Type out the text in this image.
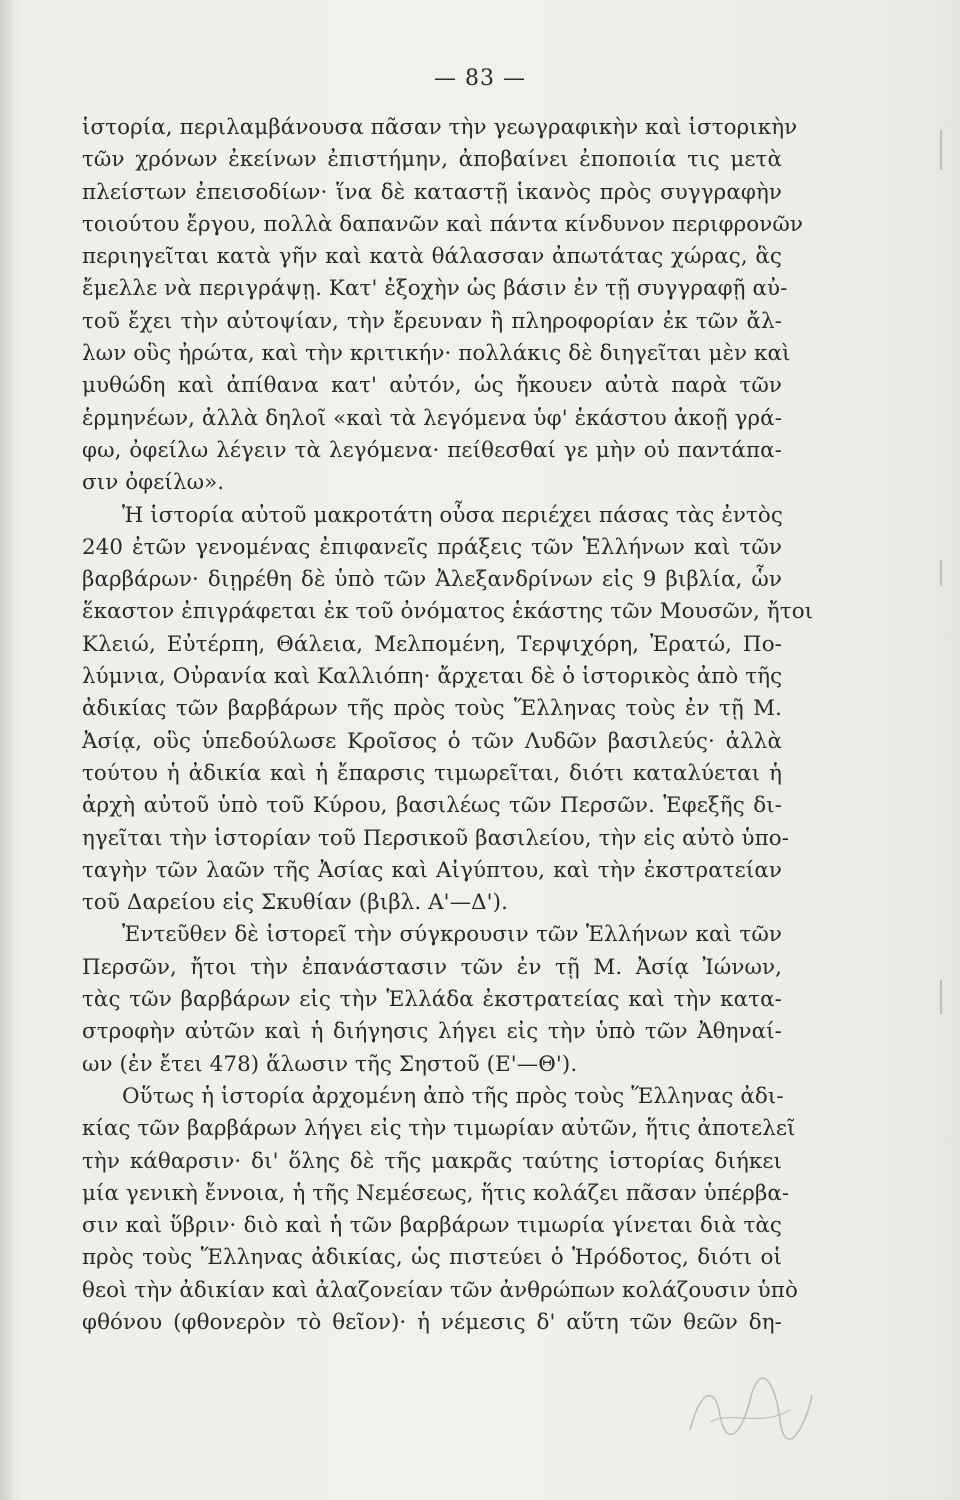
— 83 —
ἱστορία, περιλαμβάνουσα πᾶσαν τὴν γεωγραφικὴν καὶ ἱστορικὴν
τῶν χρόνων ἐκείνων ἐπιστήμην, ἀποβαίνει ἐποποιία τις μετὰ
πλείστων ἐπεισοδίων· ἵνα δὲ καταστῇ ἱκανὸς πρὸς συγγραφὴν
τοιούτου ἔργου, πολλὰ δαπανῶν καὶ πάντα κίνδυνον περιφρονῶν
περιηγεῖται κατὰ γῆν καὶ κατὰ θάλασσαν ἀπωτάτας χώρας, ἃς
ἔμελλε νὰ περιγράψῃ. Κατ' ἐξοχὴν ὡς βάσιν ἐν τῇ συγγραφῇ αὐ-
τοῦ ἔχει τὴν αὐτοψίαν, τὴν ἔρευναν ἢ πληροφορίαν ἐκ τῶν ἄλ-
λων οὓς ἠρώτα, καὶ τὴν κριτικήν· πολλάκις δὲ διηγεῖται μὲν καὶ
μυθώδη καὶ ἀπίθανα κατ' αὐτόν, ὡς ἤκουεν αὐτὰ παρὰ τῶν
ἑρμηνέων, ἀλλὰ δηλοῖ «καὶ τὰ λεγόμενα ὑφ' ἑκάστου ἀκοῇ γρά-
φω, ὀφείλω λέγειν τὰ λεγόμενα· πείθεσθαί γε μὴν οὐ παντάπα-
σιν ὀφείλω».
Ἡ ἱστορία αὐτοῦ μακροτάτη οὖσα περιέχει πάσας τὰς ἐντὸς
240 ἐτῶν γενομένας ἐπιφανεῖς πράξεις τῶν Ἑλλήνων καὶ τῶν
βαρβάρων· διῃρέθη δὲ ὑπὸ τῶν Ἀλεξανδρίνων εἰς 9 βιβλία, ὧν
ἕκαστον ἐπιγράφεται ἐκ τοῦ ὀνόματος ἑκάστης τῶν Μουσῶν, ἤτοι
Κλειώ, Εὐτέρπη, Θάλεια, Μελπομένη, Τερψιχόρη, Ἐρατώ, Πο-
λύμνια, Οὐρανία καὶ Καλλιόπη· ἄρχεται δὲ ὁ ἱστορικὸς ἀπὸ τῆς
ἀδικίας τῶν βαρβάρων τῆς πρὸς τοὺς Ἕλληνας τοὺς ἐν τῇ Μ.
Ἀσίᾳ, οὓς ὑπεδούλωσε Κροῖσος ὁ τῶν Λυδῶν βασιλεύς· ἀλλὰ
τούτου ἡ ἀδικία καὶ ἡ ἔπαρσις τιμωρεῖται, διότι καταλύεται ἡ
ἀρχὴ αὐτοῦ ὑπὸ τοῦ Κύρου, βασιλέως τῶν Περσῶν. Ἐφεξῆς δι-
ηγεῖται τὴν ἱστορίαν τοῦ Περσικοῦ βασιλείου, τὴν εἰς αὐτὸ ὑπο-
ταγὴν τῶν λαῶν τῆς Ἀσίας καὶ Αἰγύπτου, καὶ τὴν ἐκστρατείαν
τοῦ Δαρείου εἰς Σκυθίαν (βιβλ. Α'—Δ').
Ἐντεῦθεν δὲ ἱστορεῖ τὴν σύγκρουσιν τῶν Ἑλλήνων καὶ τῶν
Περσῶν, ἤτοι τὴν ἐπανάστασιν τῶν ἐν τῇ Μ. Ἀσίᾳ Ἰώνων,
τὰς τῶν βαρβάρων εἰς τὴν Ἑλλάδα ἐκστρατείας καὶ τὴν κατα-
στροφὴν αὐτῶν καὶ ἡ διήγησις λήγει εἰς τὴν ὑπὸ τῶν Ἀθηναί-
ων (ἐν ἔτει 478) ἅλωσιν τῆς Σηστοῦ (Ε'—Θ').
Οὕτως ἡ ἱστορία ἀρχομένη ἀπὸ τῆς πρὸς τοὺς Ἕλληνας ἀδι-
κίας τῶν βαρβάρων λήγει εἰς τὴν τιμωρίαν αὐτῶν, ἥτις ἀποτελεῖ
τὴν κάθαρσιν· δι' ὅλης δὲ τῆς μακρᾶς ταύτης ἱστορίας διήκει
μία γενικὴ ἔννοια, ἡ τῆς Νεμέσεως, ἥτις κολάζει πᾶσαν ὑπέρβα-
σιν καὶ ὕβριν· διὸ καὶ ἡ τῶν βαρβάρων τιμωρία γίνεται διὰ τὰς
πρὸς τοὺς Ἕλληνας ἀδικίας, ὡς πιστεύει ὁ Ἡρόδοτος, διότι οἱ
θεοὶ τὴν ἀδικίαν καὶ ἀλαζονείαν τῶν ἀνθρώπων κολάζουσιν ὑπὸ
φθόνου (φθονερὸν τὸ θεῖον)· ἡ νέμεσις δ' αὕτη τῶν θεῶν δη-
